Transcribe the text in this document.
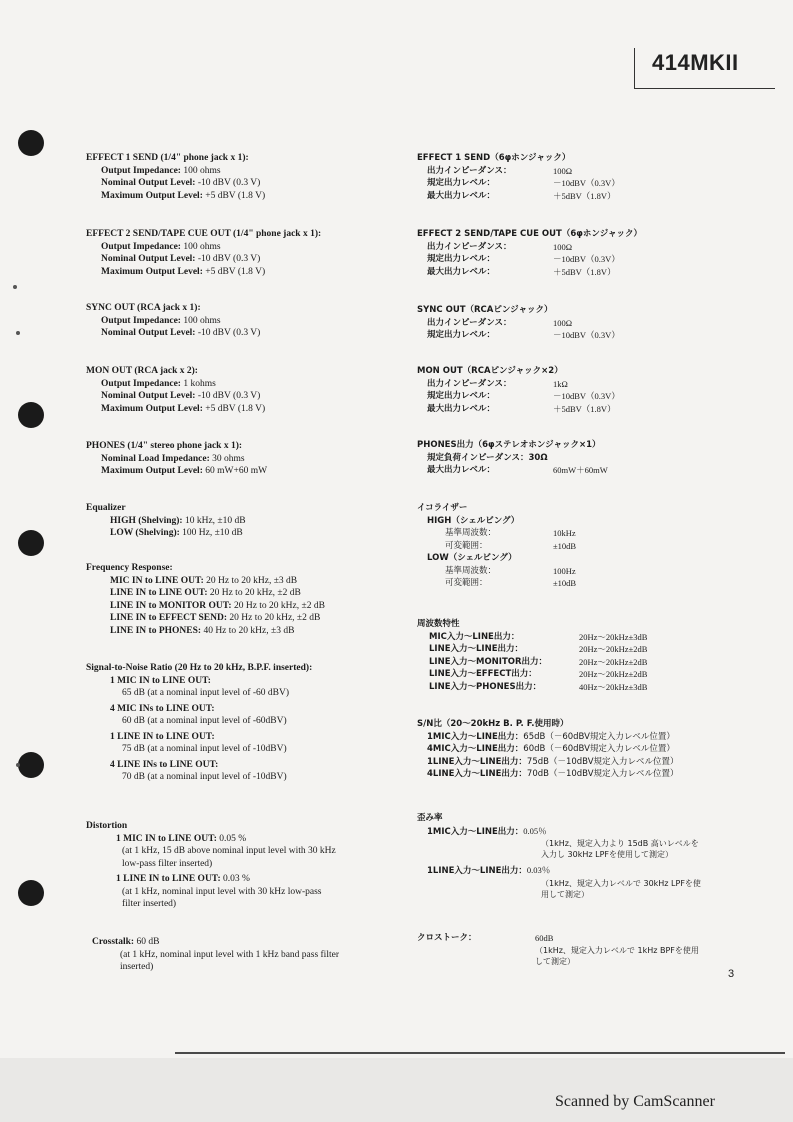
414MKII
EFFECT 1 SEND (1/4" phone jack x 1):
Output Impedance: 100 ohms
Nominal Output Level: -10 dBV (0.3 V)
Maximum Output Level: +5 dBV (1.8 V)
EFFECT 2 SEND/TAPE CUE OUT (1/4" phone jack x 1):
Output Impedance: 100 ohms
Nominal Output Level: -10 dBV (0.3 V)
Maximum Output Level: +5 dBV (1.8 V)
SYNC OUT (RCA jack x 1):
Output Impedance: 100 ohms
Nominal Output Level: -10 dBV (0.3 V)
MON OUT (RCA jack x 2):
Output Impedance: 1 kohms
Nominal Output Level: -10 dBV (0.3 V)
Maximum Output Level: +5 dBV (1.8 V)
PHONES (1/4" stereo phone jack x 1):
Nominal Load Impedance: 30 ohms
Maximum Output Level: 60 mW+60 mW
Equalizer
HIGH (Shelving): 10 kHz, ±10 dB
LOW (Shelving): 100 Hz, ±10 dB
Frequency Response:
MIC IN to LINE OUT: 20 Hz to 20 kHz, ±3 dB
LINE IN to LINE OUT: 20 Hz to 20 kHz, ±2 dB
LINE IN to MONITOR OUT: 20 Hz to 20 kHz, ±2 dB
LINE IN to EFFECT SEND: 20 Hz to 20 kHz, ±2 dB
LINE IN to PHONES: 40 Hz to 20 kHz, ±3 dB
Signal-to-Noise Ratio (20 Hz to 20 kHz, B.P.F. inserted):
1 MIC IN to LINE OUT:
65 dB (at a nominal input level of -60 dBV)
4 MIC INs to LINE OUT:
60 dB (at a nominal input level of -60dBV)
1 LINE IN to LINE OUT:
75 dB (at a nominal input level of -10dBV)
4 LINE INs to LINE OUT:
70 dB (at a nominal input level of -10dBV)
Distortion
1 MIC IN to LINE OUT: 0.05 %
(at 1 kHz, 15 dB above nominal input level with 30 kHz
low-pass filter inserted)
1 LINE IN to LINE OUT: 0.03 %
(at 1 kHz, nominal input level with 30 kHz low-pass
filter inserted)
Crosstalk: 60 dB
(at 1 kHz, nominal input level with 1 kHz band pass filter
inserted)
EFFECT 1 SEND（6φホンジャック）
出力インピーダンス：	100Ω
規定出力レベル：	－10dBV（0.3V）
最大出力レベル：	＋5dBV（1.8V）
EFFECT 2 SEND/TAPE CUE OUT（6φホンジャック）
出力インピーダンス：	100Ω
規定出力レベル：	－10dBV（0.3V）
最大出力レベル：	＋5dBV（1.8V）
SYNC OUT（RCAピンジャック）
出力インピーダンス：	100Ω
規定出力レベル：	－10dBV（0.3V）
MON OUT（RCAピンジャック×2）
出力インピーダンス：	1kΩ
規定出力レベル：	－10dBV（0.3V）
最大出力レベル：	＋5dBV（1.8V）
PHONES出力（6φステレオホンジャック×1）
規定負荷インピーダンス：30Ω
最大出力レベル：	60mW＋60mW
イコライザー
HIGH（シェルビング）
基準周波数：	10kHz
可変範囲：	±10dB
LOW（シェルビング）
基準周波数：	100Hz
可変範囲：	±10dB
周波数特性
MIC入力～LINE出力：	20Hz～20kHz±3dB
LINE入力～LINE出力：	20Hz～20kHz±2dB
LINE入力～MONITOR出力：	20Hz～20kHz±2dB
LINE入力～EFFECT出力：	20Hz～20kHz±2dB
LINE入力～PHONES出力：	40Hz～20kHz±3dB
S/N比（20～20kHz B. P. F.使用時）
1MIC入力～LINE出力：65dB（－60dBV規定入力レベル位置）
4MIC入力～LINE出力：60dB（－60dBV規定入力レベル位置）
1LINE入力～LINE出力：75dB（－10dBV規定入力レベル位置）
4LINE入力～LINE出力：70dB（－10dBV規定入力レベル位置）
歪み率
1MIC入力～LINE出力：0.05％
（1kHz、規定入力より 15dB 高いレベルを
入力し 30kHz LPFを使用して測定）
1LINE入力～LINE出力：0.03％
（1kHz、規定入力レベルで 30kHz LPFを使
用して測定）
クロストーク：	60dB
（1kHz、規定入力レベルで 1kHz BPFを使用
して測定）
3
Scanned by CamScanner
